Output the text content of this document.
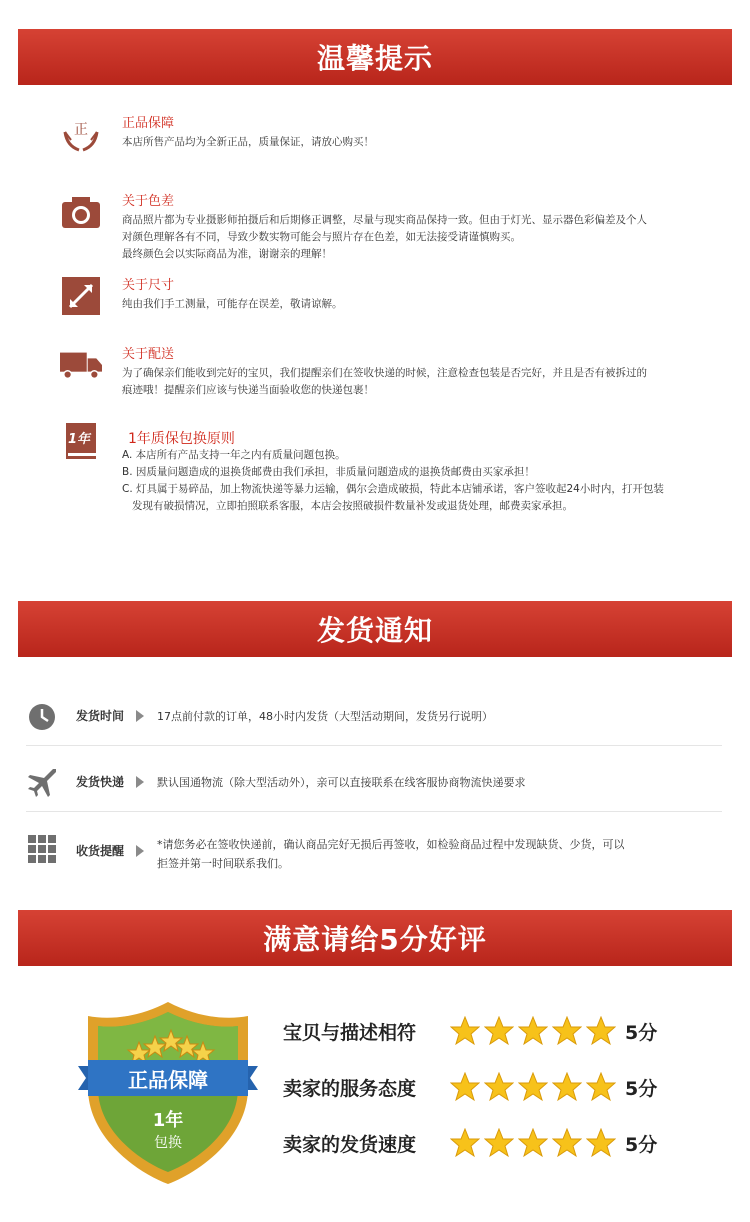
温馨提示
正	正品保障
本店所售产品均为全新正品，质量保证，请放心购买！
关于色差
商品照片都为专业摄影师拍摄后和后期修正调整，尽量与现实商品保持一致。但由于灯光、显示器色彩偏差及个人
对颜色理解各有不同，导致少数实物可能会与照片存在色差，如无法接受请谨慎购买。
最终颜色会以实际商品为准，谢谢亲的理解！
关于尺寸
纯由我们手工测量，可能存在误差，敬请谅解。
关于配送
为了确保亲们能收到完好的宝贝，我们提醒亲们在签收快递的时候，注意检查包装是否完好，并且是否有被拆过的
痕迹哦！提醒亲们应该与快递当面验收您的快递包裹！
1年	1年质保包换原则
A. 本店所有产品支持一年之内有质量问题包换。
B. 因质量问题造成的退换货邮费由我们承担，非质量问题造成的退换货邮费由买家承担！
C. 灯具属于易碎品，加上物流快递等暴力运输，偶尔会造成破损，特此本店铺承诺，客户签收起24小时内，打开包装
发现有破损情况，立即拍照联系客服，本店会按照破损件数量补发或退货处理，邮费卖家承担。
发货通知
发货时间	17点前付款的订单，48小时内发货（大型活动期间，发货另行说明）
发货快递	默认国通物流（除大型活动外），亲可以直接联系在线客服协商物流快递要求
收货提醒	*请您务必在签收快递前，确认商品完好无损后再签收，如检验商品过程中发现缺货、少货，可以
拒签并第一时间联系我们。
满意请给5分好评
正品保障
1年
包换
宝贝与描述相符	5分
卖家的服务态度	5分
卖家的发货速度	5分
